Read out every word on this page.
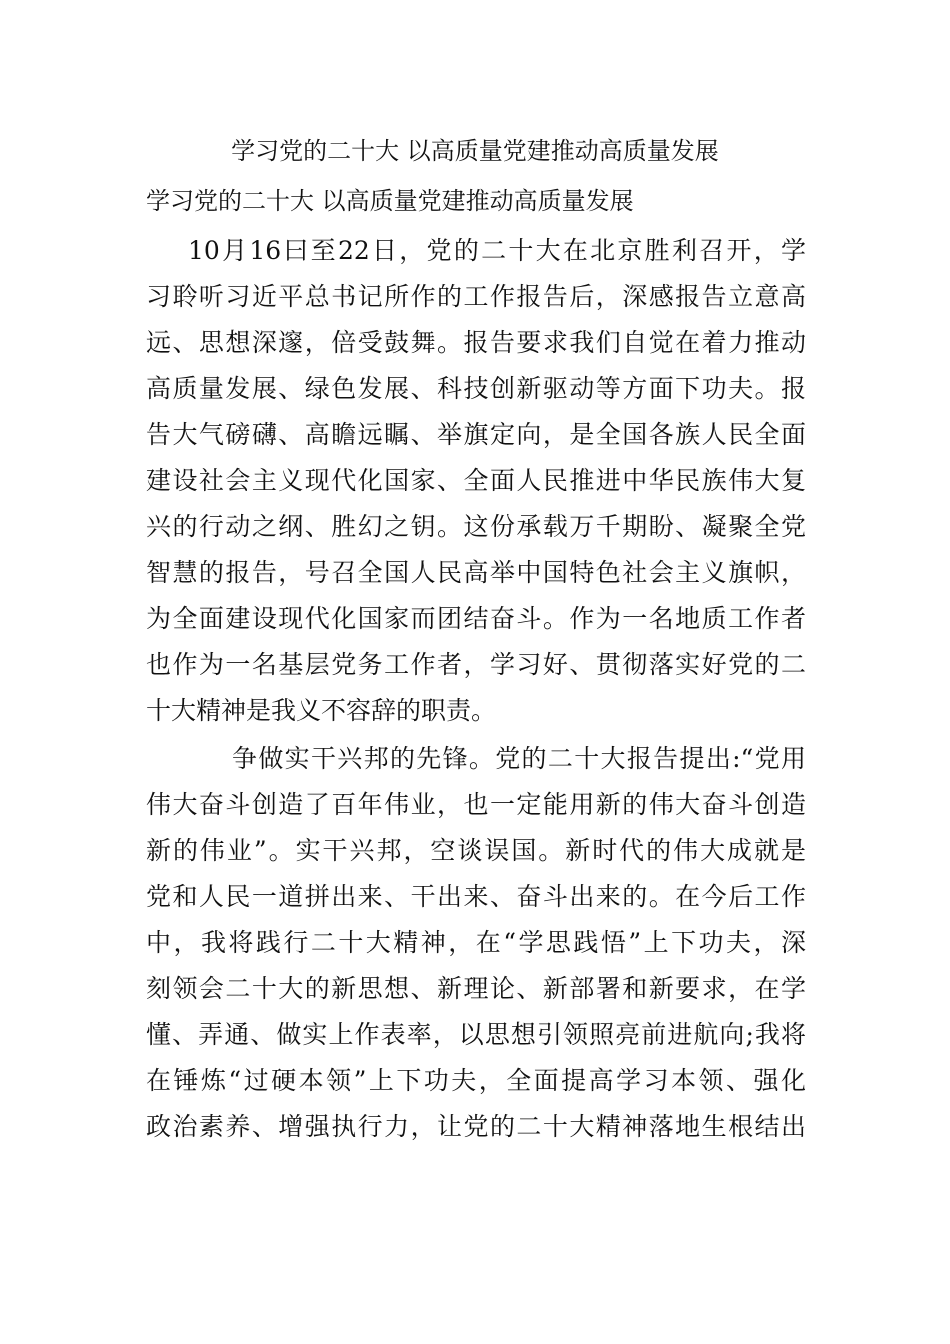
学习党的二十大 以高质量党建推动高质量发展
学习党的二十大 以高质量党建推动高质量发展
10月16曰至22日，党的二十大在北京胜利召开，学
习聆听习近平总书记所作的工作报告后，深感报告立意高
远、思想深邃，倍受鼓舞。报告要求我们自觉在着力推动
高质量发展、绿色发展、科技创新驱动等方面下功夫。报
告大气磅礴、高瞻远瞩、举旗定向，是全国各族人民全面
建设社会主义现代化国家、全面人民推进中华民族伟大复
兴的行动之纲、胜幻之钥。这份承载万千期盼、凝聚全党
智慧的报告，号召全国人民高举中国特色社会主义旗帜，
为全面建设现代化国家而团结奋斗。作为一名地质工作者
也作为一名基层党务工作者，学习好、贯彻落实好党的二
十大精神是我义不容辞的职责。
争做实干兴邦的先锋。党的二十大报告提出:“党用
伟大奋斗创造了百年伟业，也一定能用新的伟大奋斗创造
新的伟业”。实干兴邦，空谈误国。新时代的伟大成就是
党和人民一道拼出来、干出来、奋斗出来的。在今后工作
中，我将践行二十大精神，在“学思践悟”上下功夫，深
刻领会二十大的新思想、新理论、新部署和新要求，在学
懂、弄通、做实上作表率，以思想引领照亮前进航向;我将
在锤炼“过硬本领”上下功夫，全面提高学习本领、强化
政治素养、增强执行力，让党的二十大精神落地生根结出
